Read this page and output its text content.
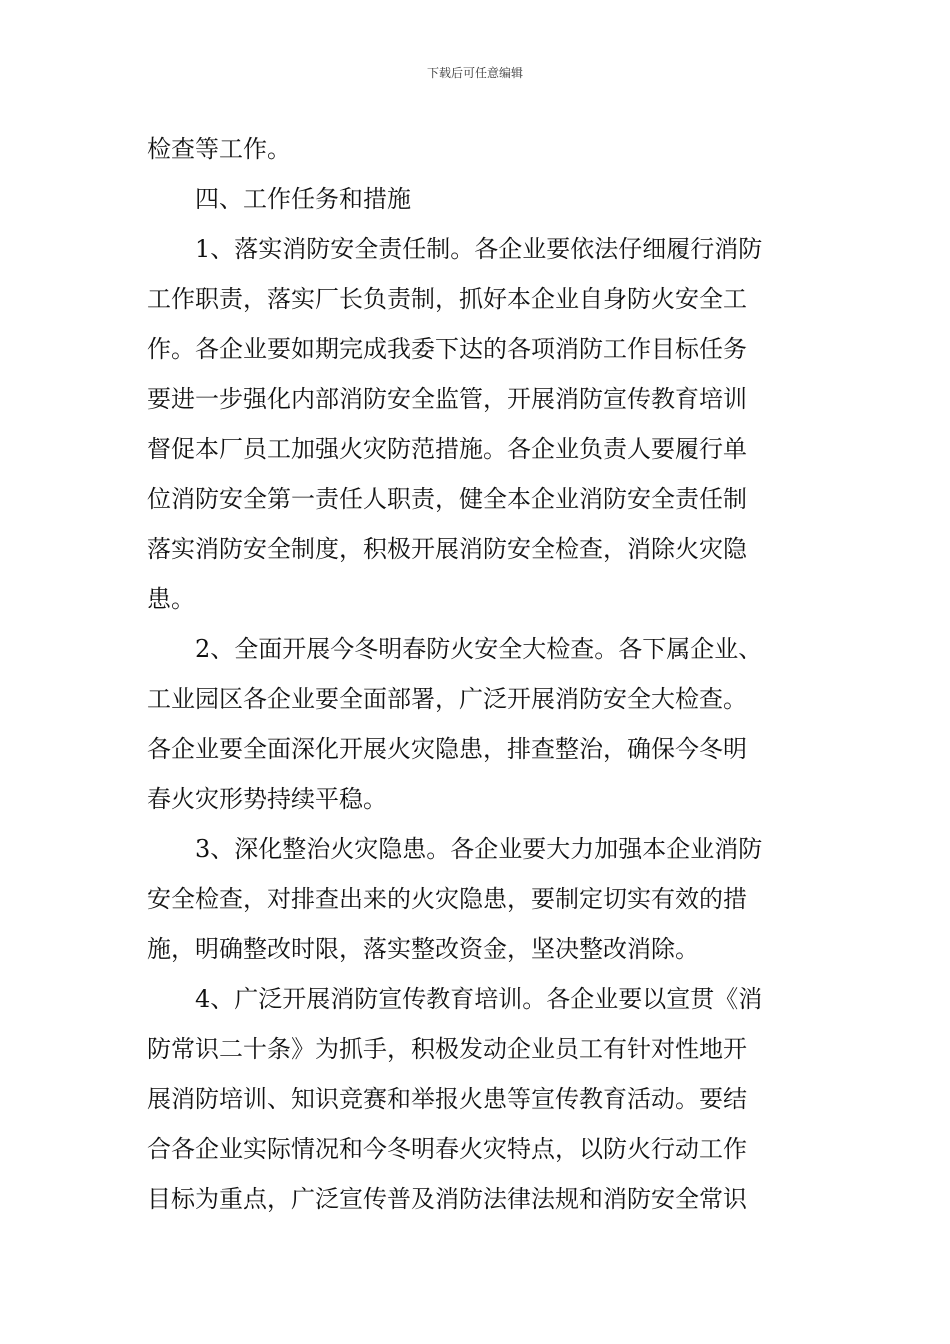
下载后可任意编辑
检查等工作。
四、工作任务和措施
1、落实消防安全责任制。各企业要依法仔细履行消防
工作职责，落实厂长负责制，抓好本企业自身防火安全工
作。各企业要如期完成我委下达的各项消防工作目标任务
要进一步强化内部消防安全监管，开展消防宣传教育培训
督促本厂员工加强火灾防范措施。各企业负责人要履行单
位消防安全第一责任人职责，健全本企业消防安全责任制
落实消防安全制度，积极开展消防安全检查，消除火灾隐
患。
2、全面开展今冬明春防火安全大检查。各下属企业、
工业园区各企业要全面部署，广泛开展消防安全大检查。
各企业要全面深化开展火灾隐患，排查整治，确保今冬明
春火灾形势持续平稳。
3、深化整治火灾隐患。各企业要大力加强本企业消防
安全检查，对排查出来的火灾隐患，要制定切实有效的措
施，明确整改时限，落实整改资金，坚决整改消除。
4、广泛开展消防宣传教育培训。各企业要以宣贯《消
防常识二十条》为抓手，积极发动企业员工有针对性地开
展消防培训、知识竞赛和举报火患等宣传教育活动。要结
合各企业实际情况和今冬明春火灾特点，以防火行动工作
目标为重点，广泛宣传普及消防法律法规和消防安全常识
